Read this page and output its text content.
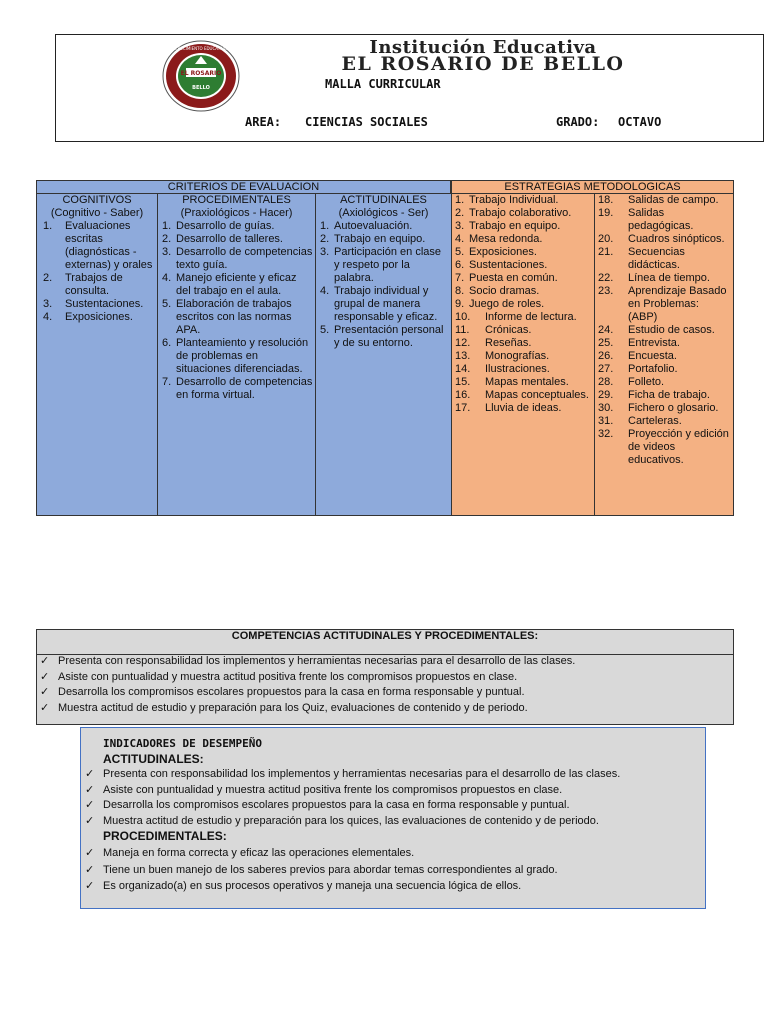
EL ROSARIO
BELLO
CRECIMIENTO EDUCATIVO	Institución Educativa
EL ROSARIO DE BELLO
MALLA CURRICULAR
AREA: CIENCIAS SOCIALES	GRADO: OCTAVO
CRITERIOS DE EVALUACION	ESTRATEGIAS METODOLOGICAS
COGNITIVOS
(Cognitivo - Saber)
1. Evaluaciones escritas (diagnósticas - externas) y orales
2. Trabajos de consulta.
3. Sustentaciones.
4. Exposiciones.
PROCEDIMENTALES
(Praxiológicos - Hacer)
1. Desarrollo de guías.
2. Desarrollo de talleres.
3. Desarrollo de competencias texto guía.
4. Manejo eficiente y eficaz del trabajo en el aula.
5. Elaboración de trabajos escritos con las normas APA.
6. Planteamiento y resolución de problemas en situaciones diferenciadas.
7. Desarrollo de competencias en forma virtual.
ACTITUDINALES
(Axiológicos - Ser)
1. Autoevaluación.
2. Trabajo en equipo.
3. Participación en clase y respeto por la palabra.
4. Trabajo individual y grupal de manera responsable y eficaz.
5. Presentación personal y de su entorno.
1. Trabajo Individual.
2. Trabajo colaborativo.
3. Trabajo en equipo.
4. Mesa redonda.
5. Exposiciones.
6. Sustentaciones.
7. Puesta en común.
8. Socio dramas.
9. Juego de roles.
10. Informe de lectura.
11. Crónicas.
12. Reseñas.
13. Monografías.
14. Ilustraciones.
15. Mapas mentales.
16. Mapas conceptuales.
17. Lluvia de ideas.
18. Salidas de campo.
19. Salidas pedagógicas.
20. Cuadros sinópticos.
21. Secuencias didácticas.
22. Línea de tiempo.
23. Aprendizaje Basado en Problemas: (ABP)
24. Estudio de casos.
25. Entrevista.
26. Encuesta.
27. Portafolio.
28. Folleto.
29. Ficha de trabajo.
30. Fichero o glosario.
31. Carteleras.
32. Proyección y edición de videos educativos.
COMPETENCIAS ACTITUDINALES Y PROCEDIMENTALES:
✓ Presenta con responsabilidad los implementos y herramientas necesarias para el desarrollo de las clases.
✓ Asiste con puntualidad y muestra actitud positiva frente los compromisos propuestos en clase.
✓ Desarrolla los compromisos escolares propuestos para la casa en forma responsable y puntual.
✓ Muestra actitud de estudio y preparación para los Quiz, evaluaciones de contenido y de periodo.
INDICADORES DE DESEMPEÑO
ACTITUDINALES:
✓ Presenta con responsabilidad los implementos y herramientas necesarias para el desarrollo de las clases.
✓ Asiste con puntualidad y muestra actitud positiva frente los compromisos propuestos en clase.
✓ Desarrolla los compromisos escolares propuestos para la casa en forma responsable y puntual.
✓ Muestra actitud de estudio y preparación para los quices, las evaluaciones de contenido y de periodo.
PROCEDIMENTALES:
✓ Maneja en forma correcta y eficaz las operaciones elementales.
✓ Tiene un buen manejo de los saberes previos para abordar temas correspondientes al grado.
✓ Es organizado(a) en sus procesos operativos y maneja una secuencia lógica de ellos.
